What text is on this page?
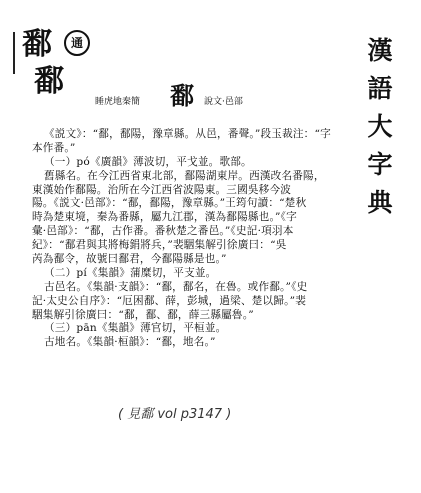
鄱	通
鄱
睡虎地秦簡 鄱 說文·邑部
漢
語
大
字
典
《説文》：“鄱，鄱陽，豫章縣。从邑，番聲。”段玉裁注：“字
本作番。”
（一）pó《廣韻》薄波切，平戈並。歌部。
舊縣名。在今江西省東北部，鄱陽湖東岸。西漢改名番陽，
東漢始作鄱陽。治所在今江西省波陽東。三國吳移今波
陽。《説文·邑部》：“鄱，鄱陽，豫章縣。”王筠句讀：“楚秋
時為楚東境，秦為番縣，屬九江郡，漢為鄱陽縣也。”《字
彙·邑部》：“鄱，古作番。番秋楚之番邑。”《史記·項羽本
紀》：“鄱君與其將梅鋗將兵，”裴駰集解引徐廣曰：“吳
芮為鄱令，故號曰鄱君，今鄱陽縣是也。”
（二）pí《集韻》蒲糜切，平支並。
古邑名。《集韻·支韻》：“鄱，鄱名，在魯。或作鄱。”《史
記·太史公自序》：“厄困鄱、薛，彭城，過梁、楚以歸。”裴
駰集解引徐廣曰：“鄱，鄱、鄱，薛三縣屬魯。”
（三）pān《集韻》薄官切，平桓並。
古地名。《集韻·桓韻》：“鄱，地名。”
( 見鄱 vol p3147 )
